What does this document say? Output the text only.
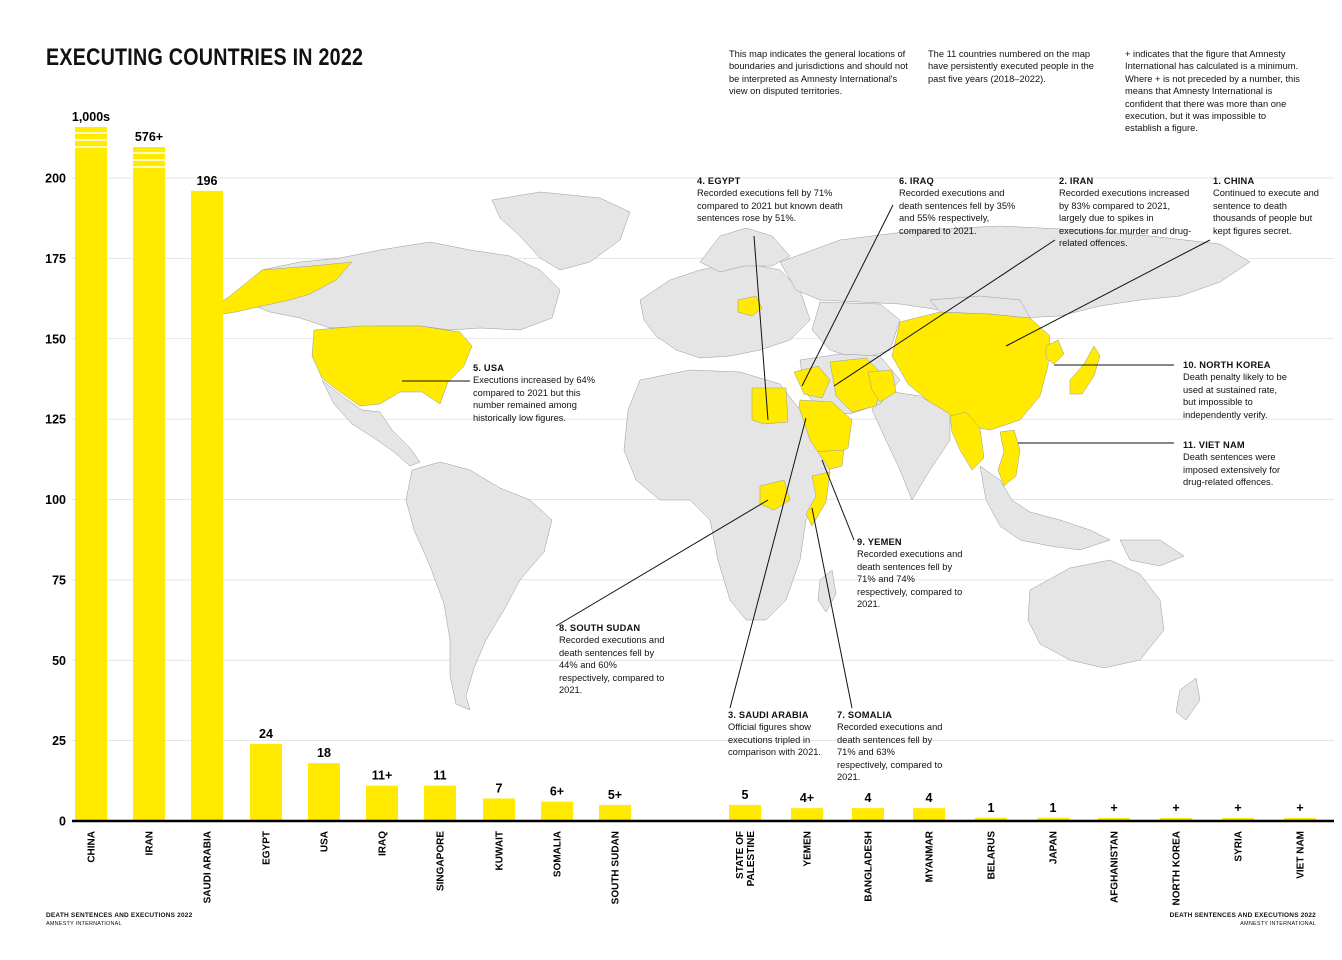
EXECUTING COUNTRIES IN 2022	This map indicates the general locations of boundaries and jurisdictions and should not be interpreted as Amnesty International's view on disputed territories.
The 11 countries numbered on the map have persistently executed people in the past five years (2018–2022).
+ indicates that the figure that Amnesty International has calculated is a minimum. Where + is not preceded by a number, this means that Amnesty International is confident that there was more than one execution, but it was impossible to establish a figure.
0
25
50
75
100
125
150
175
200
1,000s
576+
196
24
18
11+	11
7	6+	5+	5	4+	4	4
1	1	+	+	+	+
CHINA	IRAN	SAUDI ARABIA	EGYPT	USA	IRAQ	SINGAPORE	KUWAIT	SOMALIA	SOUTH SUDAN	STATE OFPALESTINE	YEMEN	BANGLADESH	MYANMAR	BELARUS	JAPAN	AFGHANISTAN	NORTH KOREA	SYRIA	VIET NAM
4. EGYPT
Recorded executions fell by 71% compared to 2021 but known death sentences rose by 51%.
6. IRAQ
Recorded executions and death sentences fell by 35% and 55% respectively, compared to 2021.
2. IRAN
Recorded executions increased by 83% compared to 2021, largely due to spikes in executions for murder and drug-related offences.
1. CHINA
Continued to execute and sentence to death thousands of people but kept figures secret.
5. USA
Executions increased by 64% compared to 2021 but this number remained among historically low figures.
10. NORTH KOREA
Death penalty likely to be used at sustained rate, but impossible to independently verify.
11. VIET NAM
Death sentences were imposed extensively for drug-related offences.
9. YEMEN
Recorded executions and death sentences fell by 71% and 74% respectively, compared to 2021.
8. SOUTH SUDAN
Recorded executions and death sentences fell by 44% and 60% respectively, compared to 2021.
3. SAUDI ARABIA
Official figures show executions tripled in comparison with 2021.
7. SOMALIA
Recorded executions and death sentences fell by 71% and 63% respectively, compared to 2021.
DEATH SENTENCES AND EXECUTIONS 2022
AMNESTY INTERNATIONAL
DEATH SENTENCES AND EXECUTIONS 2022
AMNESTY INTERNATIONAL
